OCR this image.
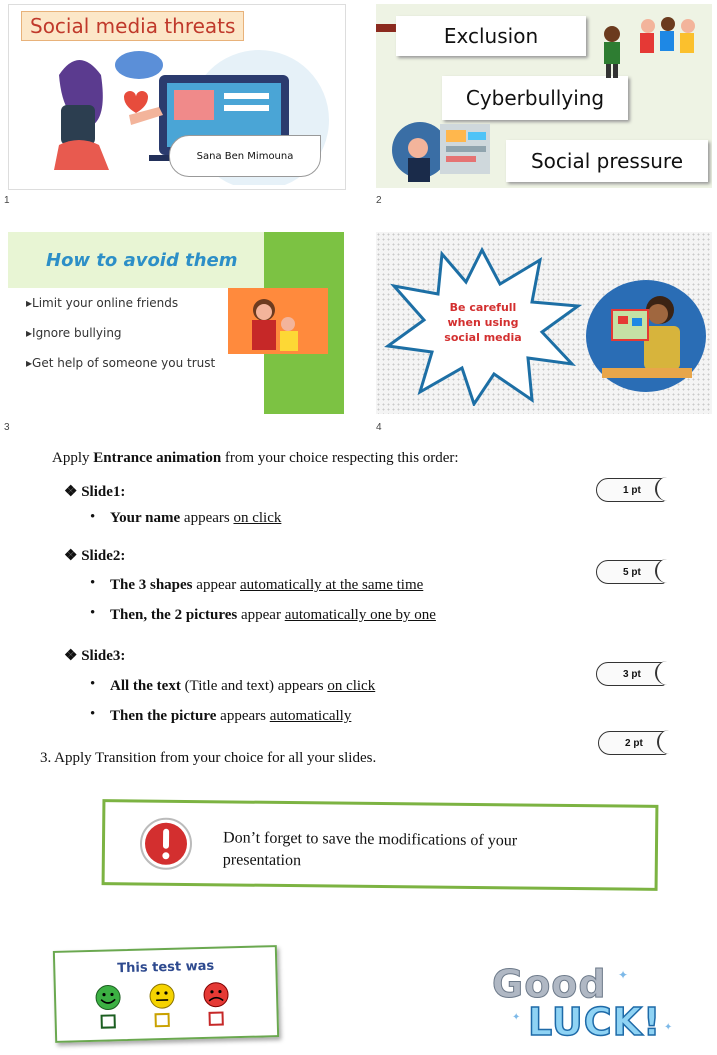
Social media threats
Sana Ben Mimouna
1
Exclusion
Cyberbullying
Social pressure
2
How to avoid them
▸Limit your online friends
▸Ignore bullying
▸Get help of someone you trust
3
Be carefull
when using
social media
4
Apply Entrance animation from your choice respecting this order:
❖ Slide1:	1 pt
• Your name appears on click
❖ Slide2:
5 pt
• The 3 shapes appear automatically at the same time
• Then, the 2 pictures appear automatically one by one
❖ Slide3:
3 pt
• All the text (Title and text) appears on click
• Then the picture appears automatically
2 pt
3. Apply Transition from your choice for all your slides.
Don’t forget to save the modifications of your
presentation
This test was	Good
LUCK!
✦
✦
✦
